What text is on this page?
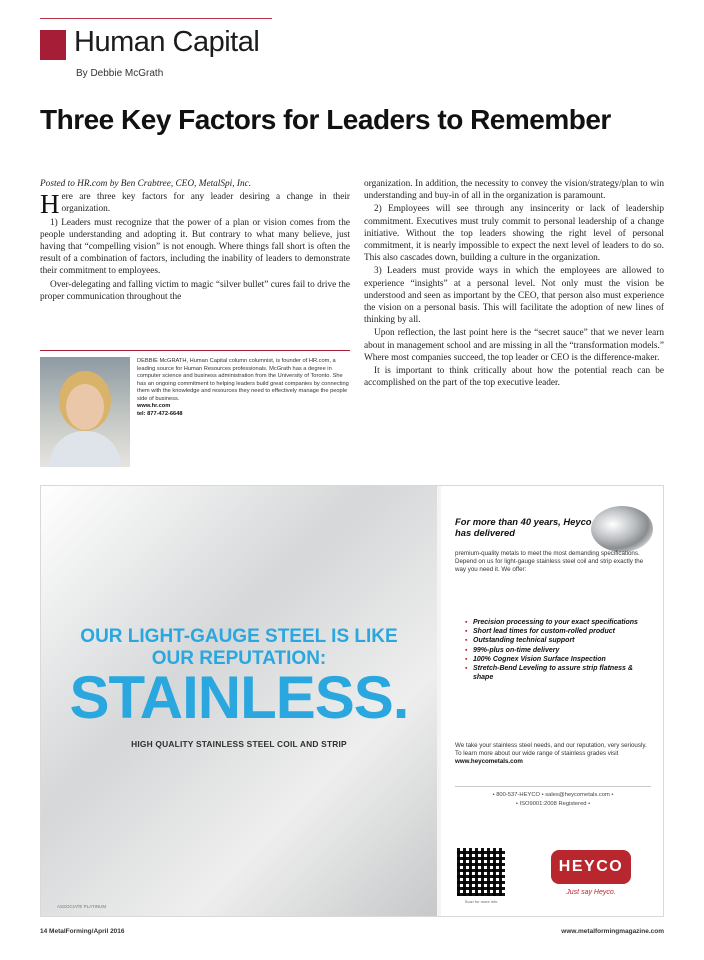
Human Capital
By Debbie McGrath
Three Key Factors for Leaders to Remember

Posted to HR.com by Ben Crabtree, CEO, MetalSpi, Inc.

Here are three key factors for any leader desiring a change in their organization.

1) Leaders must recognize that the power of a plan or vision comes from the people understanding and adopting it. But contrary to what many believe, just having that “compelling vision” is not enough. Where things fall short is often the result of a combination of factors, including the inability of leaders to demonstrate their commitment to employees.

Over-delegating and falling victim to magic “silver bullet” cures fail to drive the proper communication throughout the

organization. In addition, the necessity to convey the vision/strategy/plan to win understanding and buy-in of all in the organization is paramount.

2) Employees will see through any insincerity or lack of leadership commitment. Executives must truly commit to personal leadership of a change initiative. Without the top leaders showing the right level of personal commitment, it is nearly impossible to expect the next level of leaders to do so. This also cascades down, building a culture in the organization.

3) Leaders must provide ways in which the employees are allowed to experience “insights” at a personal level. Not only must the vision be understood and seen as important by the CEO, that person also must experience the vision on a personal basis. This will facilitate the adoption of new lines of thinking by all.

Upon reflection, the last point here is the “secret sauce” that we never learn about in management school and are missing in all the “transformation models.” Where most companies succeed, the top leader or CEO is the difference-maker.

It is important to think critically about how the potential reach can be accomplished on the part of the top executive leader.

DEBBIE McGRATH, Human Capital column columnist, is founder of HR.com, a leading source for Human Resources professionals. McGrath has a degree in computer science and business administration from the University of Toronto. She has an ongoing commitment to helping leaders build great companies by connecting them with the knowledge and resources they need to effectively manage the people side of business.
www.hr.com
tel: 877-472-6648
OUR LIGHT-GAUGE STEEL IS LIKE
OUR REPUTATION:
STAINLESS.
HIGH QUALITY STAINLESS STEEL COIL AND STRIP
ASSOCIATE PLATINUM
For more than 40 years, Heyco has delivered
premium-quality metals to meet the most demanding specifications. Depend on us for light-gauge stainless steel coil and strip exactly the way you need it. We offer:
▪ Precision processing to your exact specifications
▪ Short lead times for custom-rolled product
▪ Outstanding technical support
▪ 99%-plus on-time delivery
▪ 100% Cognex Vision Surface Inspection
▪ Stretch-Bend Leveling to assure strip flatness & shape
We take your stainless steel needs, and our reputation, very seriously. To learn more about our wide range of stainless grades visit www.heycometals.com
• 800-537-HEYCO • sales@heycometals.com •
• ISO9001:2008 Registered •
Scan for more info
HEYCO
Just say Heyco.
14 MetalForming/April 2016	www.metalformingmagazine.com
